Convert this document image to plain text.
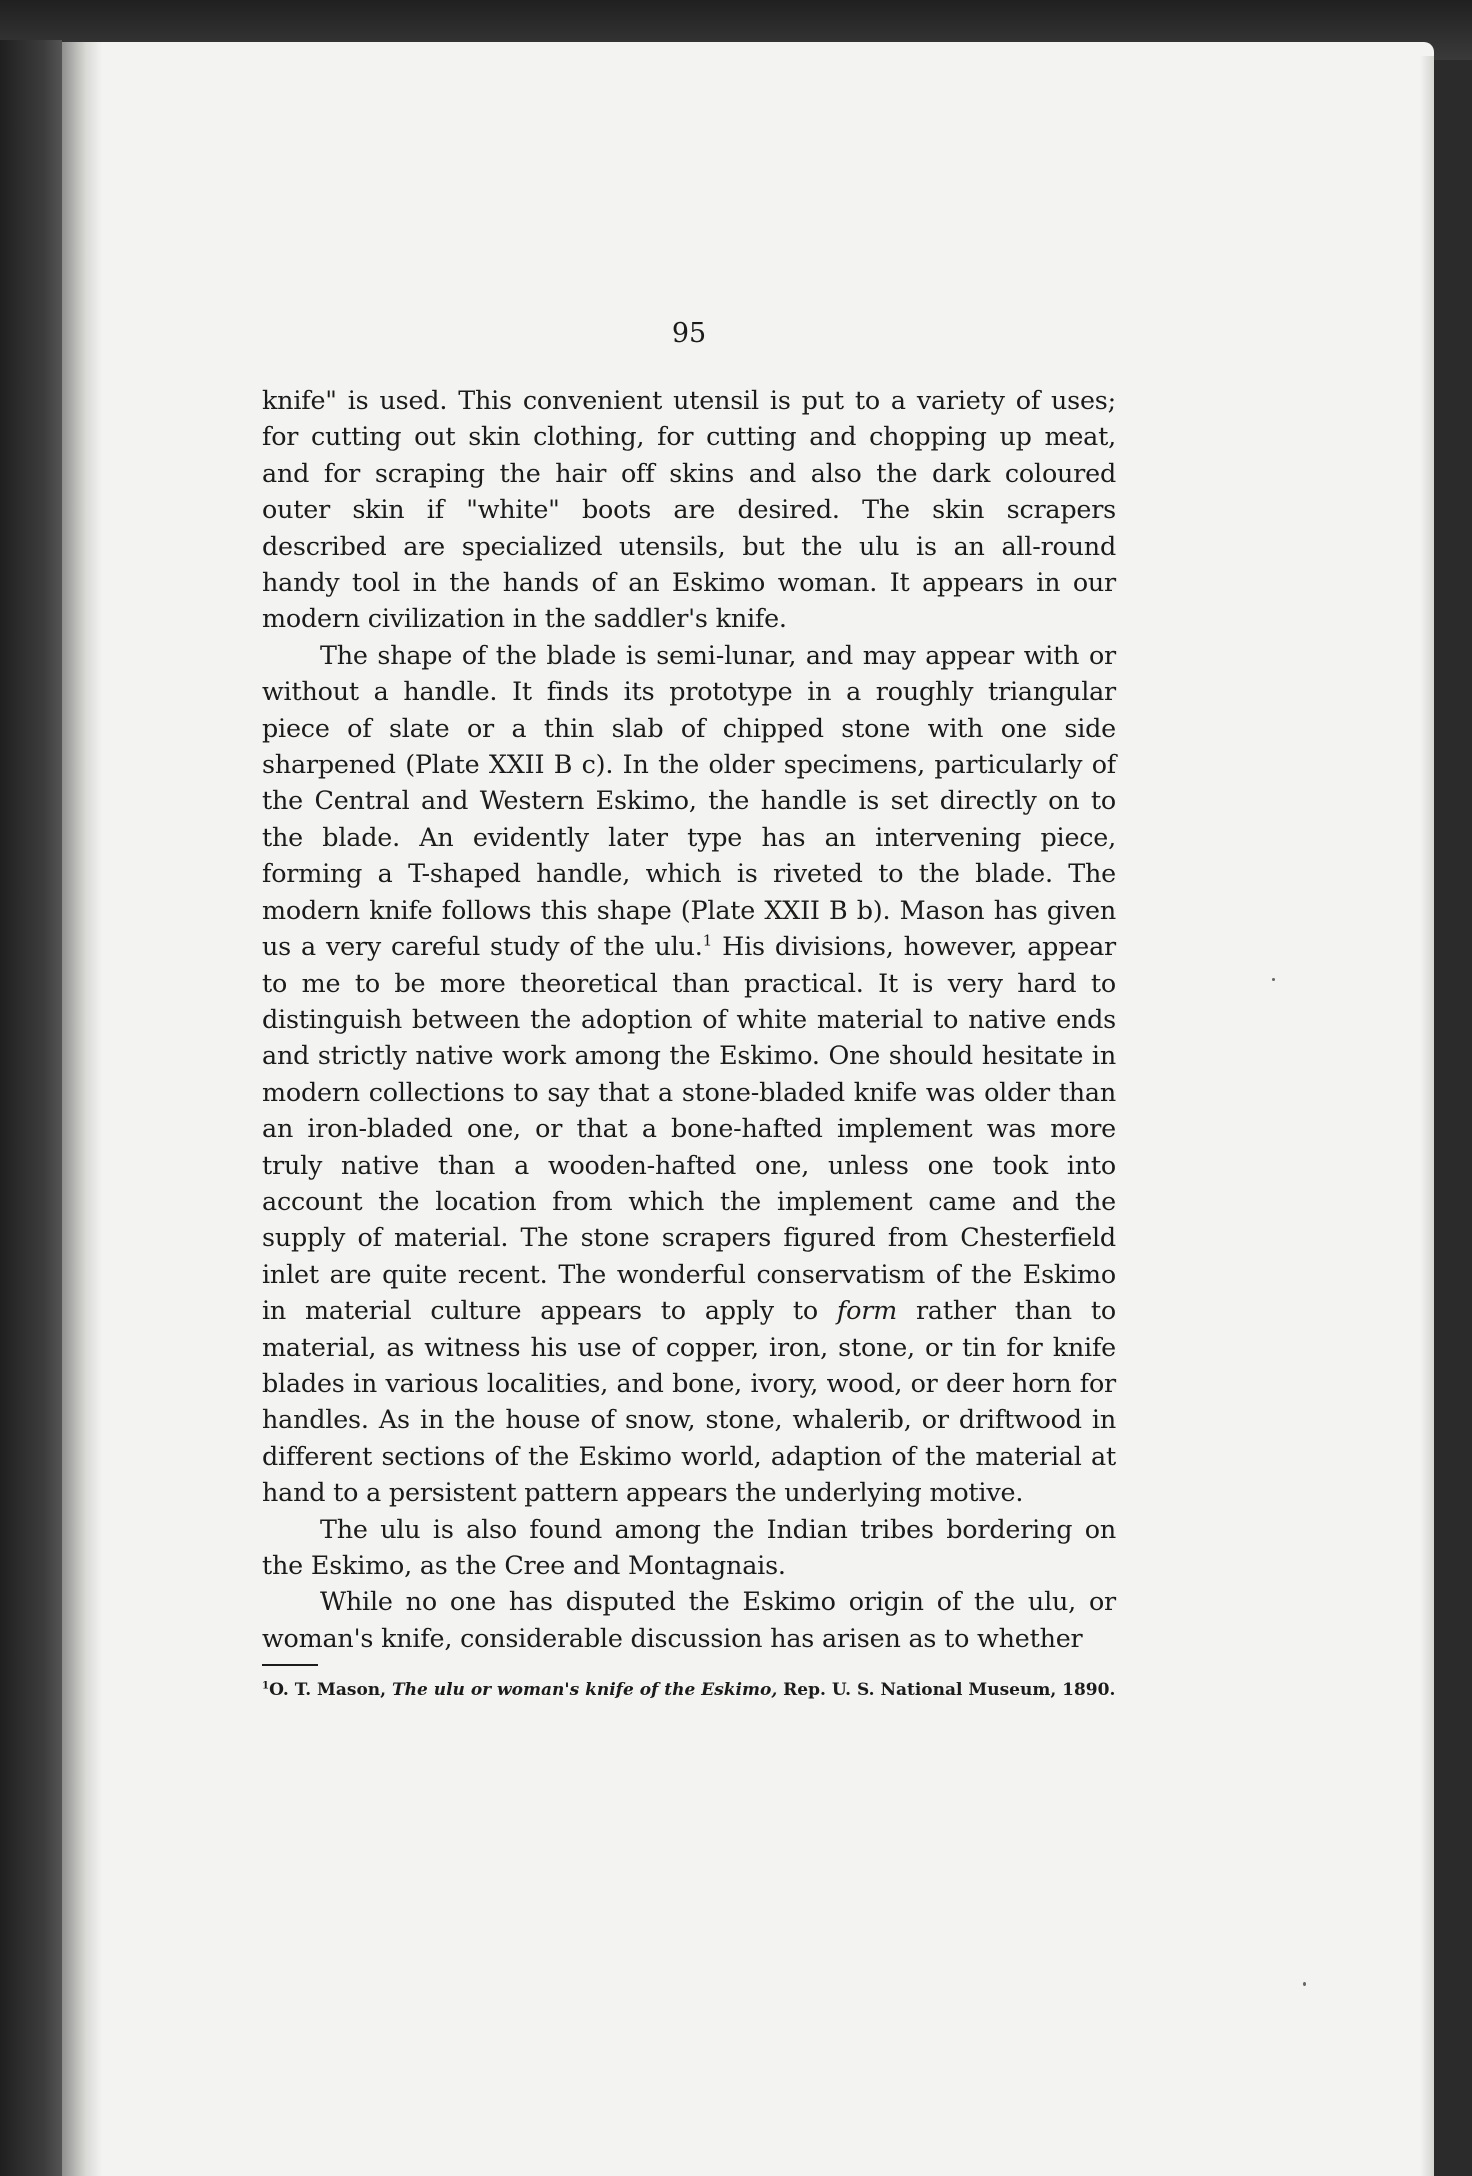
95

knife" is used. This convenient utensil is put to a variety of uses; for cutting out skin clothing, for cutting and chopping up meat, and for scraping the hair off skins and also the dark coloured outer skin if "white" boots are desired. The skin scrapers described are specialized utensils, but the ulu is an all-round handy tool in the hands of an Eskimo woman. It appears in our modern civilization in the saddler's knife.

The shape of the blade is semi-lunar, and may appear with or without a handle. It finds its prototype in a roughly triangular piece of slate or a thin slab of chipped stone with one side sharpened (Plate XXII B c). In the older specimens, particularly of the Central and Western Eskimo, the handle is set directly on to the blade. An evidently later type has an intervening piece, forming a T-shaped handle, which is riveted to the blade. The modern knife follows this shape (Plate XXII B b). Mason has given us a very careful study of the ulu.$^1$ His divisions, however, appear to me to be more theoretical than practical. It is very hard to distinguish between the adoption of white material to native ends and strictly native work among the Eskimo. One should hesitate in modern collections to say that a stone-bladed knife was older than an iron-bladed one, or that a bone-hafted implement was more truly native than a wooden-hafted one, unless one took into account the location from which the implement came and the supply of material. The stone scrapers figured from Chesterfield inlet are quite recent. The wonderful conservatism of the Eskimo in material culture appears to apply to form rather than to material, as witness his use of copper, iron, stone, or tin for knife blades in various localities, and bone, ivory, wood, or deer horn for handles. As in the house of snow, stone, whalerib, or driftwood in different sections of the Eskimo world, adaption of the material at hand to a persistent pattern appears the underlying motive.

The ulu is also found among the Indian tribes bordering on the Eskimo, as the Cree and Montagnais.

While no one has disputed the Eskimo origin of the ulu, or woman's knife, considerable discussion has arisen as to whether

$^1$O. T. Mason, The ulu or woman's knife of the Eskimo, Rep. U. S. National Museum, 1890.
